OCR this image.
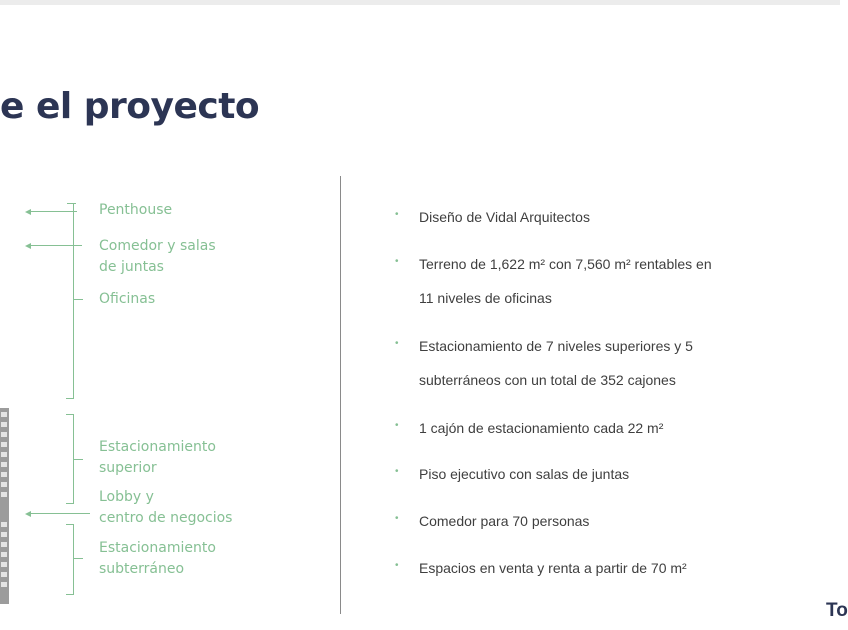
e el proyecto
Penthouse
Comedor y salas
de juntas
Oficinas
Estacionamiento
superior
Lobby y
centro de negocios
Estacionamiento
subterráneo
• Diseño de Vidal Arquitectos
• Terreno de 1,622 m² con 7,560 m² rentables en
11 niveles de oficinas
• Estacionamiento de 7 niveles superiores y 5
subterráneos con un total de 352 cajones
• 1 cajón de estacionamiento cada 22 m²
• Piso ejecutivo con salas de juntas
• Comedor para 70 personas
• Espacios en venta y renta a partir de 70 m²
To
